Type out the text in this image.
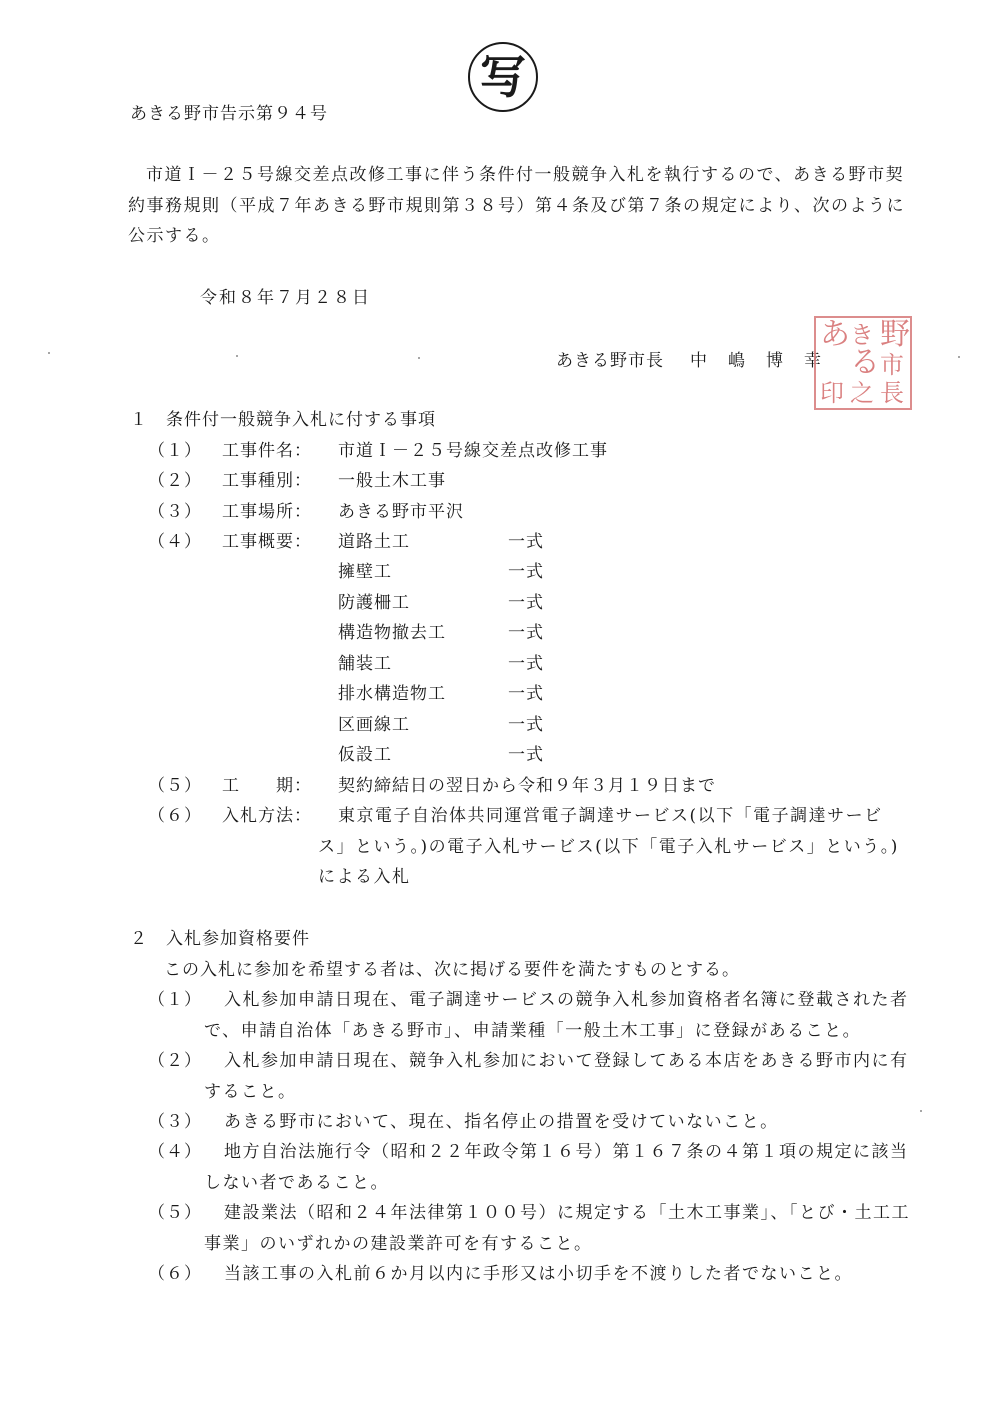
写
あきる野市告示第９４号
市道Ｉ－２５号線交差点改修工事に伴う条件付一般競争入札を執行するので、あきる野市契約事務規則（平成７年あきる野市規則第３８号）第４条及び第７条の規定により、次のように公示する。
令和８年７月２８日
あきる野市長 中 嶋 博 幸
野
市
あ き
る
長
之
印
１　条件付一般競争入札に付する事項
（１） 工事件名： 市道Ｉ－２５号線交差点改修工事
（２） 工事種別： 一般土木工事
（３） 工事場所： あきる野市平沢
（４） 工事概要： 道路土工	一式
擁壁工	一式
防護柵工	一式
構造物撤去工	一式
舗装工	一式
排水構造物工	一式
区画線工	一式
仮設工	一式
（５） 工　　期： 契約締結日の翌日から令和９年３月１９日まで
（６） 入札方法：	東京電子自治体共同運営電子調達サービス(以下「電子調達サービス」という。)の電子入札サービス(以下「電子入札サービス」という。)による入札
２　入札参加資格要件
この入札に参加を希望する者は、次に掲げる要件を満たすものとする。
（１）	入札参加申請日現在、電子調達サービスの競争入札参加資格者名簿に登載された者で、申請自治体「あきる野市」、申請業種「一般土木工事」に登録があること。
（２）	入札参加申請日現在、競争入札参加において登録してある本店をあきる野市内に有すること。
（３）	あきる野市において、現在、指名停止の措置を受けていないこと。
（４）	地方自治法施行令（昭和２２年政令第１６号）第１６７条の４第１項の規定に該当しない者であること。
（５）	建設業法（昭和２４年法律第１００号）に規定する「土木工事業」、「とび・土工工事業」のいずれかの建設業許可を有すること。
（６）	当該工事の入札前６か月以内に手形又は小切手を不渡りした者でないこと。
